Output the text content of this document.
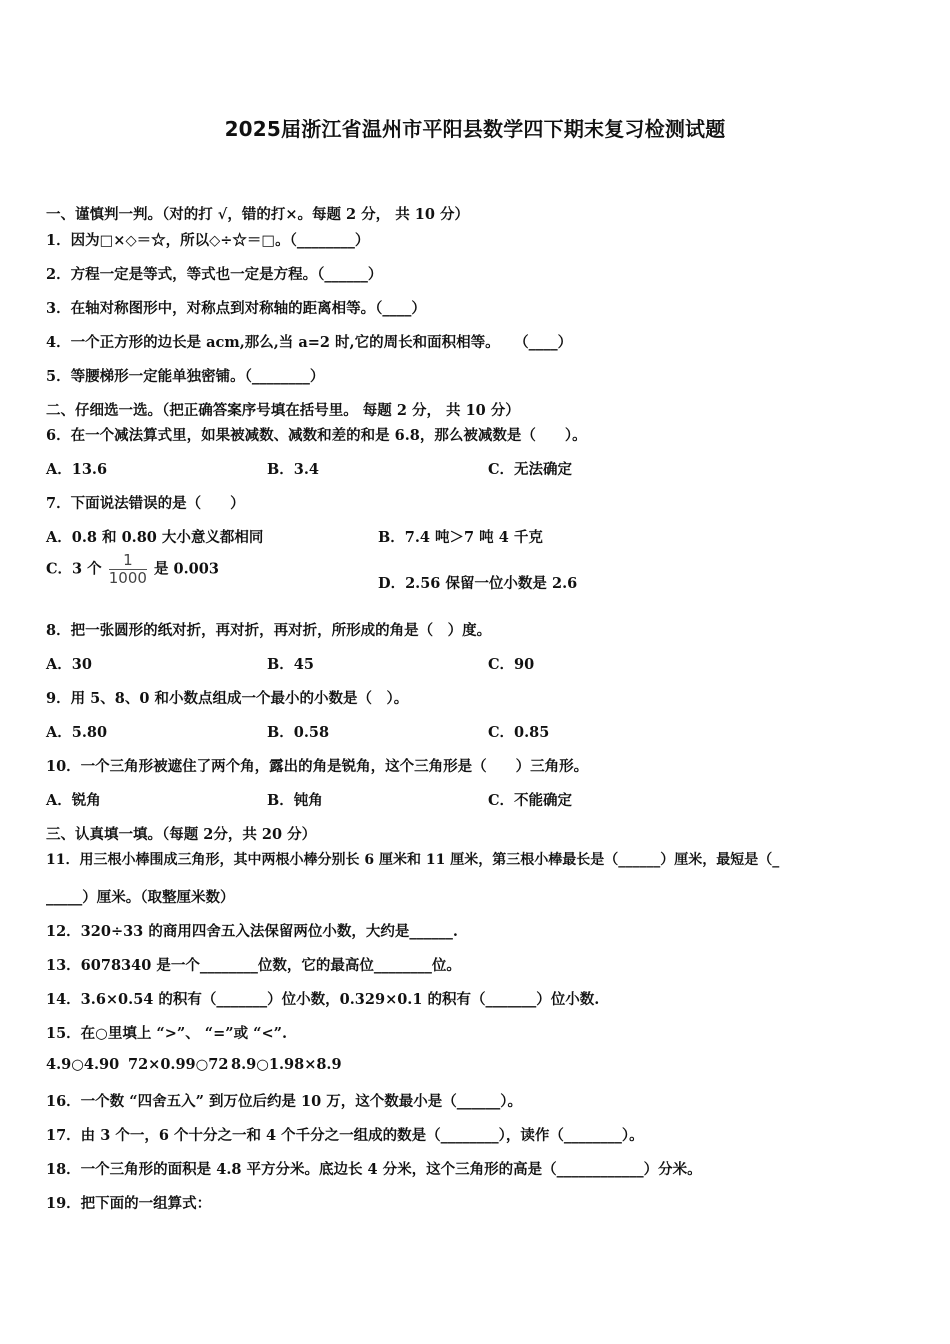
2025届浙江省温州市平阳县数学四下期末复习检测试题
一、谨慎判一判。（对的打 √，错的打×。每题 2 分， 共 10 分）
1．因为□×◇＝☆，所以◇÷☆＝□。（________）
2．方程一定是等式，等式也一定是方程。（______）
3．在轴对称图形中，对称点到对称轴的距离相等。（____）
4．一个正方形的边长是 acm,那么,当 a=2 时,它的周长和面积相等。　　（____）
5．等腰梯形一定能单独密铺。（________）
二、仔细选一选。（把正确答案序号填在括号里。 每题 2 分， 共 10 分）
6．在一个减法算式里，如果被减数、减数和差的和是 6.8，那么被减数是（　　）。
A．13.6	B．3.4	C．无法确定
7．下面说法错误的是（　　）
A．0.8 和 0.80 大小意义都相同	B．7.4 吨＞7 吨 4 千克
C．3 个 $\frac{1}{1000}$ 是 0.003
D．2.56 保留一位小数是 2.6
8．把一张圆形的纸对折，再对折，再对折，所形成的角是（　）度。
A．30	B．45	C．90
9．用 5、8、0 和小数点组成一个最小的小数是（　）。
A．5.80	B．0.58	C．0.85
10．一个三角形被遮住了两个角，露出的角是锐角，这个三角形是（　　）三角形。
A．锐角	B．钝角	C．不能确定
三、认真填一填。（每题 2分，共 20 分）
11．用三根小棒围成三角形，其中两根小棒分别长 6 厘米和 11 厘米，第三根小棒最长是（______）厘米，最短是（_
_____）厘米。（取整厘米数）
12．320÷33 的商用四舍五入法保留两位小数，大约是______.
13．6078340 是一个________位数，它的最高位________位。
14．3.6×0.54 的积有（_______）位小数，0.329×0.1 的积有（_______）位小数.
15．在○里填上 “>”、 “=”或 “<”.
4.9○4.90 72×0.99○72 8.9○1.98×8.9
16．一个数 “四舍五入” 到万位后约是 10 万，这个数最小是（______）。
17．由 3 个一，6 个十分之一和 4 个千分之一组成的数是（________），读作（________）。
18．一个三角形的面积是 4.8 平方分米。底边长 4 分米，这个三角形的高是（____________）分米。
19．把下面的一组算式：
